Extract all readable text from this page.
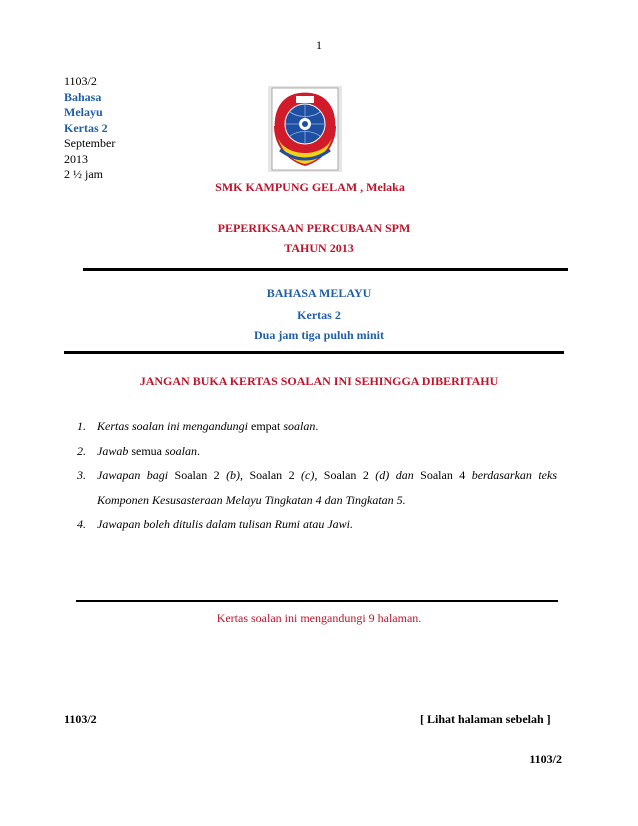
1
1103/2
Bahasa
Melayu
Kertas 2
September
2013
2 ½ jam
SMK KAMPUNG GELAM , Melaka
PEPERIKSAAN PERCUBAAN SPM
TAHUN 2013
BAHASA MELAYU
Kertas 2
Dua jam tiga puluh minit
JANGAN BUKA KERTAS SOALAN INI SEHINGGA DIBERITAHU
1. Kertas soalan ini mengandungi empat soalan.
2. Jawab semua soalan.
3. Jawapan bagi Soalan 2 (b), Soalan 2 (c), Soalan 2 (d) dan Soalan 4 berdasarkan teks Komponen Kesusasteraan Melayu Tingkatan 4 dan Tingkatan 5.
4. Jawapan boleh ditulis dalam tulisan Rumi atau Jawi.
Kertas soalan ini mengandungi 9 halaman.
1103/2	[ Lihat halaman sebelah ]
1103/2
